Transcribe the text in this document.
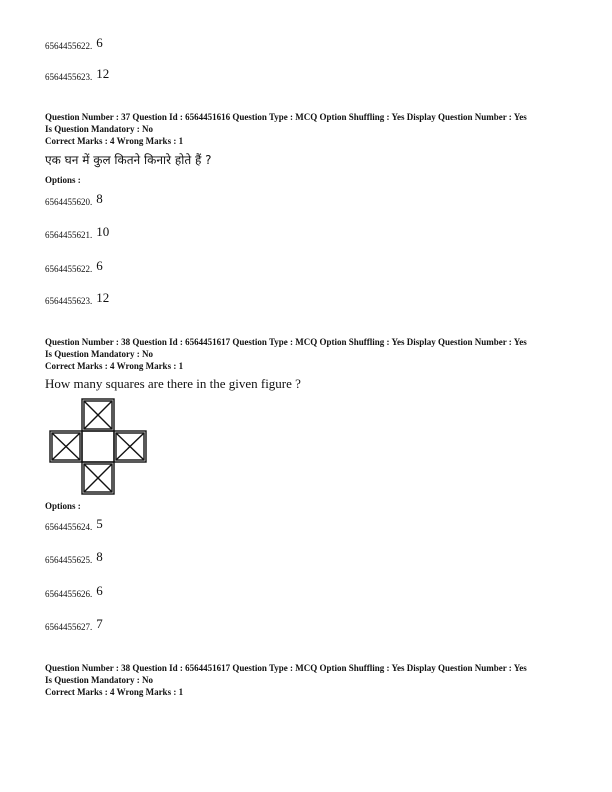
6564455622. 6
6564455623. 12
Question Number : 37 Question Id : 6564451616 Question Type : MCQ Option Shuffling : Yes Display Question Number : Yes
Is Question Mandatory : No
Correct Marks : 4 Wrong Marks : 1
एक घन में कुल कितने किनारे होते हैं ?
Options :
6564455620. 8
6564455621. 10
6564455622. 6
6564455623. 12
Question Number : 38 Question Id : 6564451617 Question Type : MCQ Option Shuffling : Yes Display Question Number : Yes
Is Question Mandatory : No
Correct Marks : 4 Wrong Marks : 1
How many squares are there in the given figure ?
Options :
6564455624. 5
6564455625. 8
6564455626. 6
6564455627. 7
Question Number : 38 Question Id : 6564451617 Question Type : MCQ Option Shuffling : Yes Display Question Number : Yes
Is Question Mandatory : No
Correct Marks : 4 Wrong Marks : 1
